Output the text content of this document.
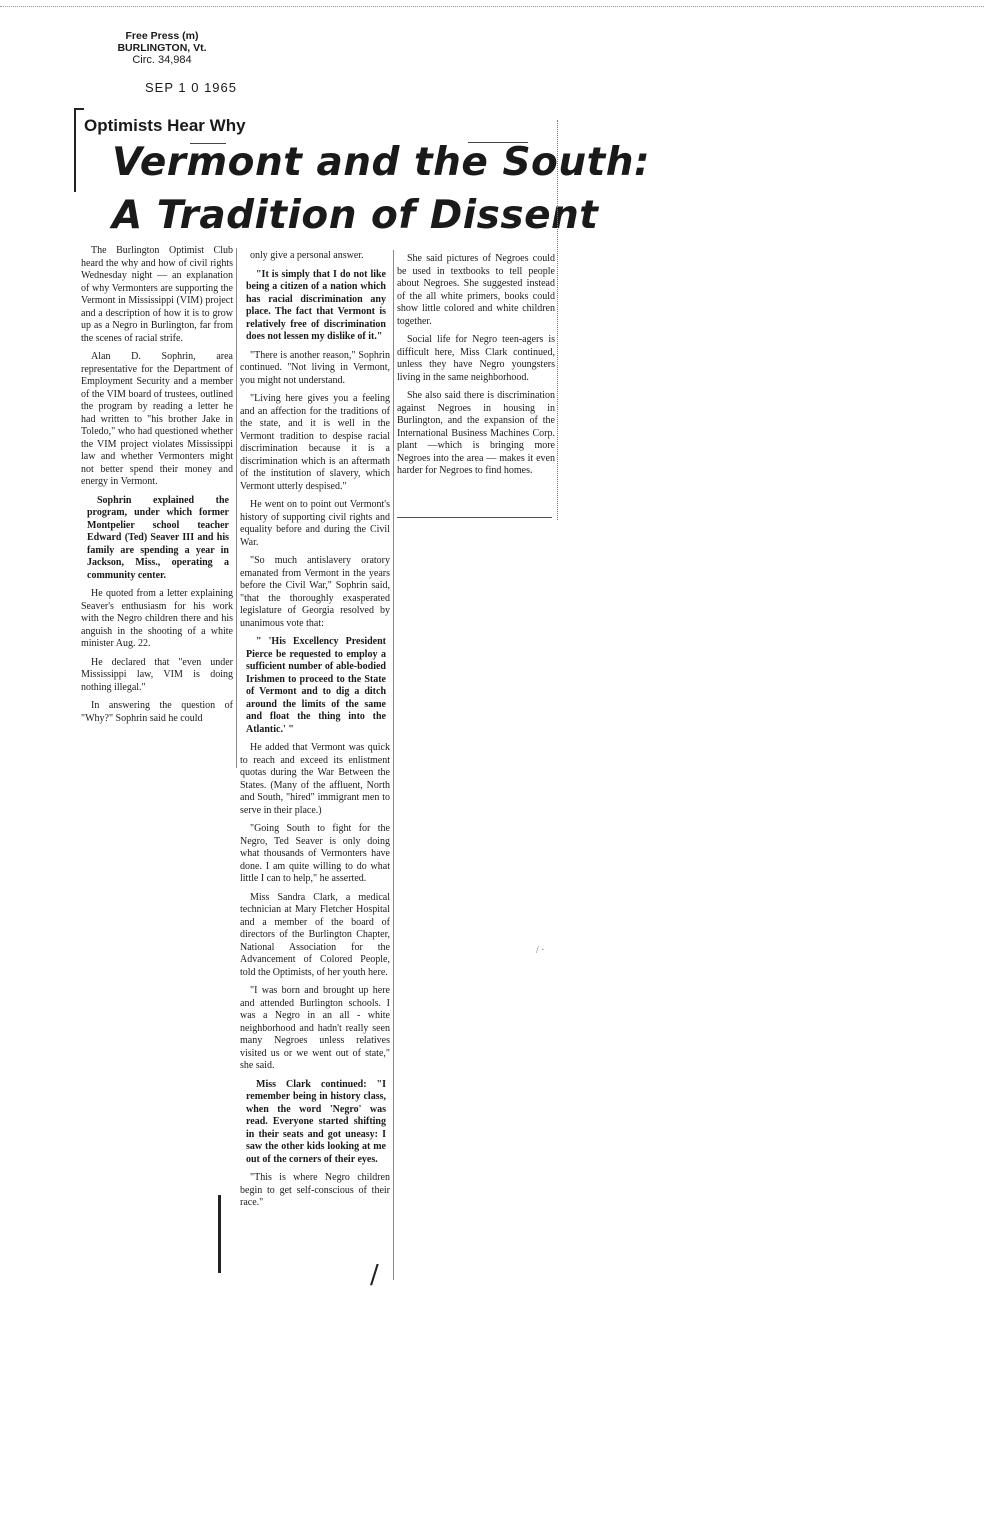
Free Press (m)
BURLINGTON, Vt.
Circ. 34,984
SEP 1 0 1965
Optimists Hear Why
Vermont and the South:
A Tradition of Dissent

The Burlington Optimist Club heard the why and how of civil rights Wednesday night — an explanation of why Vermonters are supporting the Vermont in Mississippi (VIM) project and a description of how it is to grow up as a Negro in Burlington, far from the scenes of racial strife.

Alan D. Sophrin, area representative for the Department of Employment Security and a member of the VIM board of trustees, outlined the program by reading a letter he had written to "his brother Jake in Toledo," who had questioned whether the VIM project violates Mississippi law and whether Vermonters might not better spend their money and energy in Vermont.

Sophrin explained the program, under which former Montpelier school teacher Edward (Ted) Seaver III and his family are spending a year in Jackson, Miss., operating a community center.

He quoted from a letter explaining Seaver's enthusiasm for his work with the Negro children there and his anguish in the shooting of a white minister Aug. 22.

He declared that "even under Mississippi law, VIM is doing nothing illegal."

In answering the question of "Why?" Sophrin said he could

only give a personal answer.

"It is simply that I do not like being a citizen of a nation which has racial discrimination any place. The fact that Vermont is relatively free of discrimination does not lessen my dislike of it."

"There is another reason," Sophrin continued. "Not living in Vermont, you might not understand.

"Living here gives you a feeling and an affection for the traditions of the state, and it is well in the Vermont tradition to despise racial discrimination because it is a discrimination which is an aftermath of the institution of slavery, which Vermont utterly despised."

He went on to point out Vermont's history of supporting civil rights and equality before and during the Civil War.

"So much antislavery oratory emanated from Vermont in the years before the Civil War," Sophrin said, "that the thoroughly exasperated legislature of Georgia resolved by unanimous vote that:

" 'His Excellency President Pierce be requested to employ a sufficient number of able-bodied Irishmen to proceed to the State of Vermont and to dig a ditch around the limits of the same and float the thing into the Atlantic.' "

He added that Vermont was quick to reach and exceed its enlistment quotas during the War Between the States. (Many of the affluent, North and South, "hired" immigrant men to serve in their place.)

"Going South to fight for the Negro, Ted Seaver is only doing what thousands of Vermonters have done. I am quite willing to do what little I can to help," he asserted.

Miss Sandra Clark, a medical technician at Mary Fletcher Hospital and a member of the board of directors of the Burlington Chapter, National Association for the Advancement of Colored People, told the Optimists, of her youth here.

"I was born and brought up here and attended Burlington schools. I was a Negro in an all - white neighborhood and hadn't really seen many Negroes unless relatives visited us or we went out of state," she said.

Miss Clark continued: "I remember being in history class, when the word 'Negro' was read. Everyone started shifting in their seats and got uneasy: I saw the other kids looking at me out of the corners of their eyes.

"This is where Negro children begin to get self-conscious of their race."

She said pictures of Negroes could be used in textbooks to tell people about Negroes. She suggested instead of the all white primers, books could show little colored and white children together.

Social life for Negro teen-agers is difficult here, Miss Clark continued, unless they have Negro youngsters living in the same neighborhood.

She also said there is discrimination against Negroes in housing in Burlington, and the expansion of the International Business Machines Corp. plant —which is bringing more Negroes into the area — makes it even harder for Negroes to find homes.

/
/ ·
